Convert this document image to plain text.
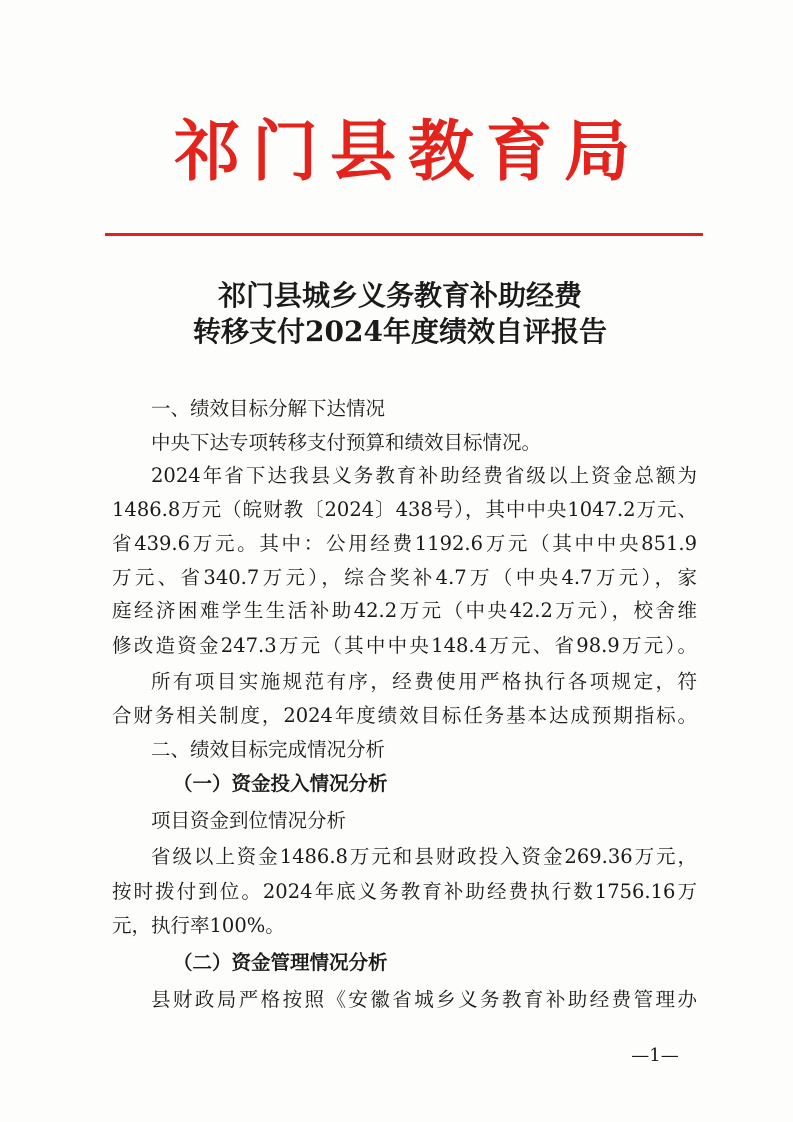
祁门县教育局
祁门县城乡义务教育补助经费
转移支付2024年度绩效自评报告
一、绩效目标分解下达情况
中央下达专项转移支付预算和绩效目标情况。
2024年省下达我县义务教育补助经费省级以上资金总额为
1486.8万元（皖财教〔2024〕438号），其中中央1047.2万元、
省439.6万元。其中：公用经费1192.6万元（其中中央851.9
万元、省340.7万元），综合奖补4.7万（中央4.7万元），家
庭经济困难学生生活补助42.2万元（中央42.2万元），校舍维
修改造资金247.3万元（其中中央148.4万元、省98.9万元）。
所有项目实施规范有序，经费使用严格执行各项规定，符
合财务相关制度，2024年度绩效目标任务基本达成预期指标。
二、绩效目标完成情况分析
（一）资金投入情况分析
项目资金到位情况分析
省级以上资金1486.8万元和县财政投入资金269.36万元，
按时拨付到位。2024年底义务教育补助经费执行数1756.16万
元，执行率100%。
（二）资金管理情况分析
县财政局严格按照《安徽省城乡义务教育补助经费管理办
—1—
